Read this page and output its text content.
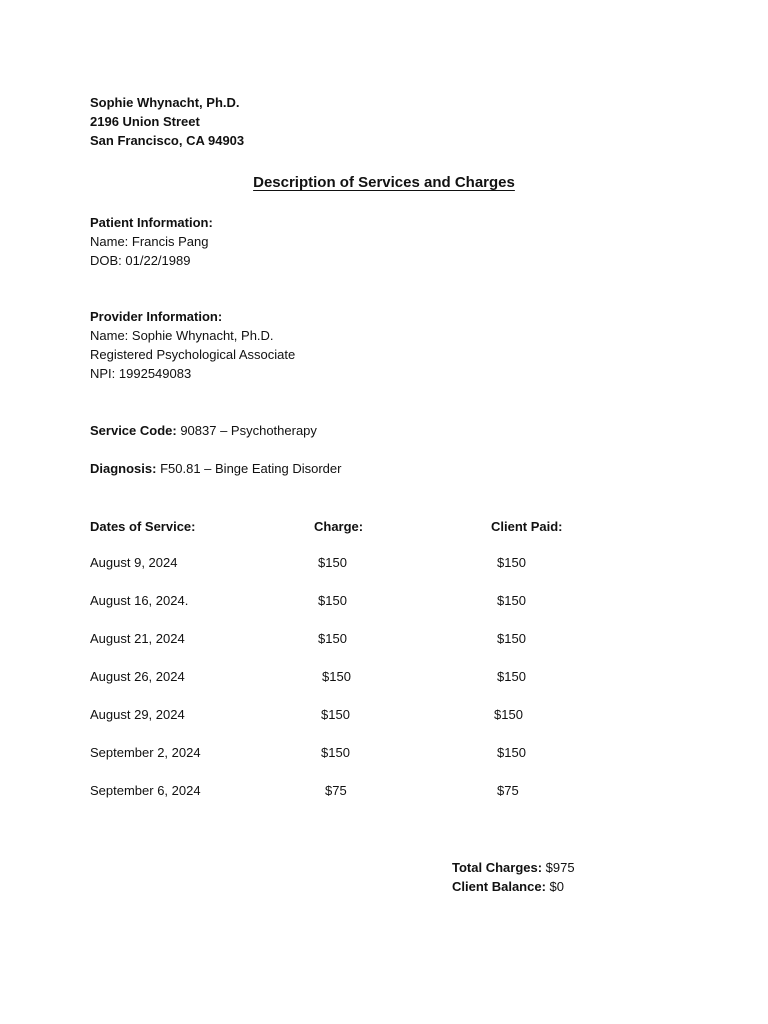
Sophie Whynacht, Ph.D.
2196 Union Street
San Francisco, CA 94903
Description of Services and Charges
Patient Information:
Name: Francis Pang
DOB: 01/22/1989
Provider Information:
Name: Sophie Whynacht, Ph.D.
Registered Psychological Associate
NPI: 1992549083
Service Code: 90837 – Psychotherapy
Diagnosis: F50.81 – Binge Eating Disorder
Dates of Service:	Charge:	Client Paid:
August 9, 2024	$150	$150
August 16, 2024.	$150	$150
August 21, 2024	$150	$150
August 26, 2024	$150	$150
August 29, 2024	$150	$150
September 2, 2024	$150	$150
September 6, 2024	$75	$75
Total Charges: $975
Client Balance: $0
